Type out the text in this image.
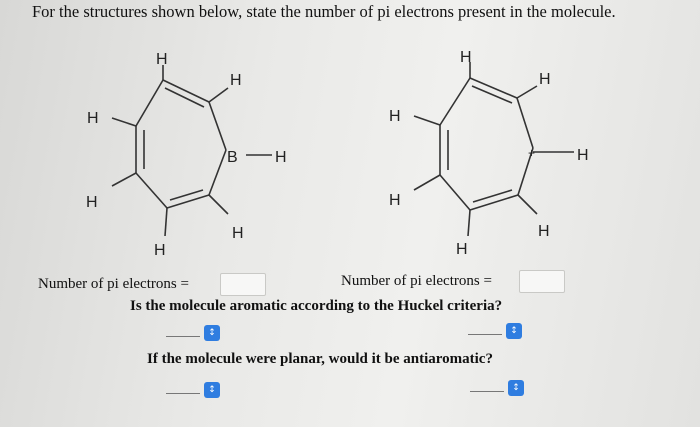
For the structures shown below, state the number of pi electrons present in the molecule.
H
H
H
B H
H
H
H
H
H
H
+	H
H
H
H
Number of pi electrons =	Number of pi electrons =
Is the molecule aromatic according to the Huckel criteria?
↕	↕
If the molecule were planar, would it be antiaromatic?
↕	↕
